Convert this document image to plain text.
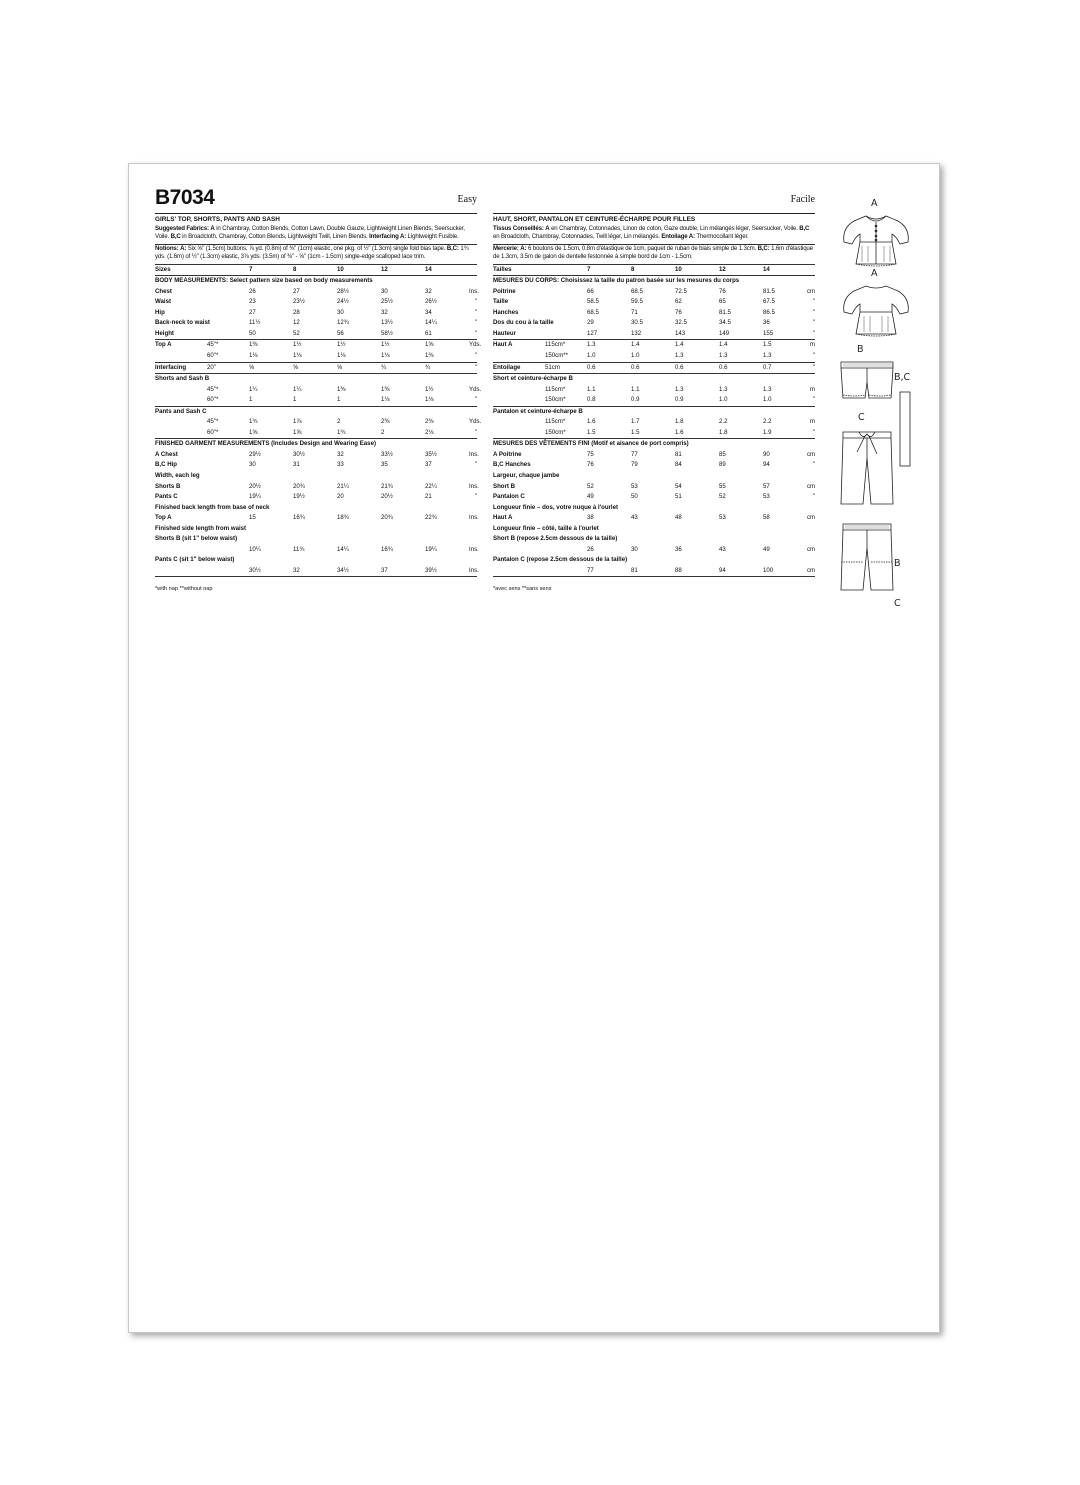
B7034	Easy
GIRLS' TOP, SHORTS, PANTS AND SASH

Suggested Fabrics: A in Chambray, Cotton Blends, Cotton Lawn, Double Gauze, Lightweight Linen Blends, Seersucker, Voile. B,C in Broadcloth, Chambray, Cotton Blends, Lightweight Twill, Linen Blends. Interfacing A: Lightweight Fusible.

Notions: A: Six ⅝" (1.5cm) buttons, ⅞ yd. (0.8m) of ⅜" (1cm) elastic, one pkg. of ½" (1.3cm) single fold bias tape. B,C: 1¾ yds. (1.6m) of ½" (1.3cm) elastic, 3⅞ yds. (3.5m) of ⅜" - ⅝" (1cm - 1.5cm) single-edge scalloped lace trim.

Sizes		7	8	10	12	14	
BODY MEASUREMENTS: Select pattern size based on body measurements							
Chest		26	27	28½	30	32	Ins.
Waist		23	23½	24½	25½	26½	"
Hip		27	28	30	32	34	"
Back-neck to waist		11½	12	12¾	13½	14¼	"
Height		50	52	56	58½	61	"
Top A	45"*	1⅜	1½	1½	1½	1⅝	Yds.
	60"*	1⅛	1⅛	1⅛	1⅛	1⅜	"
Interfacing	20"	⅝	⅝	⅝	¾	¾	"
Shorts and Sash B							
	45"*	1¼	1¼	1⅜	1⅜	1½	Yds.
	60"*	1	1	1	1⅛	1⅛	"
Pants and Sash C							
	45"*	1¾	1⅞	2	2⅜	2⅜	Yds.
	60"*	1⅝	1⅝	1¾	2	2⅛	"
FINISHED GARMENT MEASUREMENTS (Includes Design and Wearing Ease)							
A Chest		29½	30½	32	33½	35½	Ins.
B,C Hip		30	31	33	35	37	"
Width, each leg							
Shorts B		20½	20¾	21¼	21¾	22¼	Ins.
Pants C		19¼	19½	20	20½	21	"
Finished back length from base of neck							
Top A		15	16¾	18¾	20¾	22¾	Ins.
Finished side length from waist							
Shorts B (sit 1" below waist)							
		10¼	11¾	14¼	16¾	19¼	Ins.
Pants C (sit 1" below waist)							
		30½	32	34½	37	39½	Ins.

*with nap **without nap
Facile
HAUT, SHORT, PANTALON ET CEINTURE-ÉCHARPE POUR FILLES

Tissus Conseillés: A en Chambray, Cotonnades, Linon de coton, Gaze double, Lin mélangés léger, Seersucker, Voile. B,C en Broadcloth, Chambray, Cotonnades, Twill léger, Lin mélangés. Entoilage A: Thermocollant léger.

Mercerie: A: 6 boutons de 1.5cm, 0.8m d'élastique de 1cm, paquet de ruban de biais simple de 1.3cm. B,C: 1.6m d'élastique de 1.3cm, 3.5m de galon de dentelle festonnée à simple bord de 1cm - 1.5cm.

Tailles		7	8	10	12	14	
MESURES DU CORPS: Choisissez la taille du patron basée sur les mesures du corps							
Poitrine		66	68.5	72.5	76	81.5	cm
Taille		58.5	59.5	62	65	67.5	"
Hanches		68.5	71	76	81.5	86.5	"
Dos du cou à la taille		29	30.5	32.5	34.5	36	"
Hauteur		127	132	143	149	155	"
Haut A	115cm*	1.3	1.4	1.4	1.4	1.5	m
	150cm**	1.0	1.0	1.3	1.3	1.3	"
Entoilage	51cm	0.6	0.6	0.6	0.6	0.7	"
Short et ceinture-écharpe B							
	115cm*	1.1	1.1	1.3	1.3	1.3	m
	150cm*	0.8	0.9	0.9	1.0	1.0	"
Pantalon et ceinture-écharpe B							
	115cm*	1.6	1.7	1.8	2.2	2.2	m
	150cm*	1.5	1.5	1.6	1.8	1.9	"
MESURES DES VÊTEMENTS FINI (Motif et aisance de port compris)							
A Poitrine		75	77	81	85	90	cm
B,C Hanches		76	79	84	89	94	"
Largeur, chaque jambe							
Short B		52	53	54	55	57	cm
Pantalon C		49	50	51	52	53	"
Longueur finie – dos, votre nuque à l'ourlet							
Haut A		38	43	48	53	58	cm
Longueur finie – côté, taille à l'ourlet							
Short B (repose 2.5cm dessous de la taille)							
		26	30	36	43	49	cm
Pantalon C (repose 2.5cm dessous de la taille)							
		77	81	88	94	100	cm

*avec sens **sans sens
A
A
B
B,C
C
B
C
